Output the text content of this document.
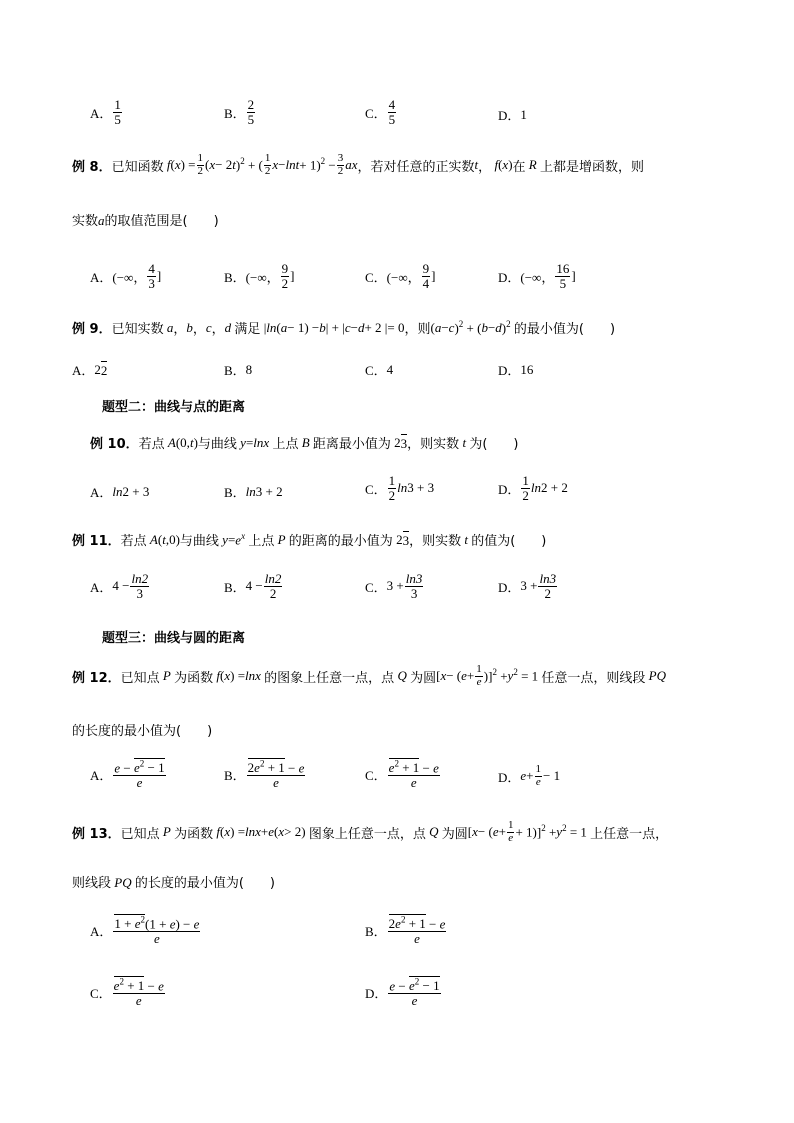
A． $\frac{1}{5}$	B． $\frac{2}{5}$	C． $\frac{4}{5}$	D． 1
例 8． 已知函数 f ( x ) = $\frac{1}{2}$ ( x − 2 t )$^2$ + ( $\frac{1}{2}$ $x - \ln t + 1)^2 - \frac{3}{2}$ ax ，若对任意的正实数 t ， f ( x ) 在 R 上都是增函数，则
实数a的取值范围是(　　)
A． (−∞， $\frac{4}{3}$ ]	B． (−∞， $\frac{9}{2}$ ]	C． (−∞， $\frac{9}{4}$ ]	D． (−∞， $\frac{16}{5}$ ]
例 9． 已知实数 a ， b ， c ， d 满足 | ln ( a − 1) − b | + | c − d + 2 |= 0 ，则 ( a − c )$^2$ + ( b − d )$^2$ 的最小值为(　　)
A． 2 2	B． 8	C． 4	D． 16
题型二：曲线与点的距离
例 10． 若点 A (0, t ) 与曲线 y = lnx 上点 B 距离最小值为 2 3 ，则实数 t 为(　　)
A． ln 2 + 3	B． ln 3 + 2	C． $\frac{1}{2}$ ln 3 + 3	D． $\frac{1}{2}$ ln 2 + 2
例 11． 若点 A ( t ,0) 与曲线 $y = e^x$ 上点 P 的距离的最小值为 2 3 ，则实数 t 的值为(　　)
A． $4 - \frac{\ln 2}{3}$	B． $4 - \frac{\ln 2}{2}$	C． $3 + \frac{\ln 3}{3}$	D． $3 + \frac{\ln 3}{2}$
题型三：曲线与圆的距离
例 12． 已知点 P 为函数 f ( x ) = lnx 的图象上任意一点，点 Q 为圆 [ x − ( $e + \frac{1}{e} )]^2 + y$ $^2$ = 1 任意一点，则线段 PQ
的长度的最小值为(　　)
A． $\frac{e - e^2 - 1}{e}$	B． $\frac{2e^2 + 1 - e}{e}$	C． $\frac{e^2 + 1 - e}{e}$	D． $e + \frac{1}{e} - 1$
例 13． 已知点 P 为函数 f ( x ) = lnx + e ( x > 2) 图象上任意一点，点 Q 为圆 [ x − ( $e + \frac{1}{e} + 1)]^2 + y$ $^2$ = 1 上任意一点，
则线段 PQ 的长度的最小值为(　　)
A． $\frac{1 + e^2(1 + e) - e}{e}$	B． $\frac{2e^2 + 1 - e}{e}$
C． $\frac{e^2 + 1 - e}{e}$	D． $\frac{e - e^2 - 1}{e}$
